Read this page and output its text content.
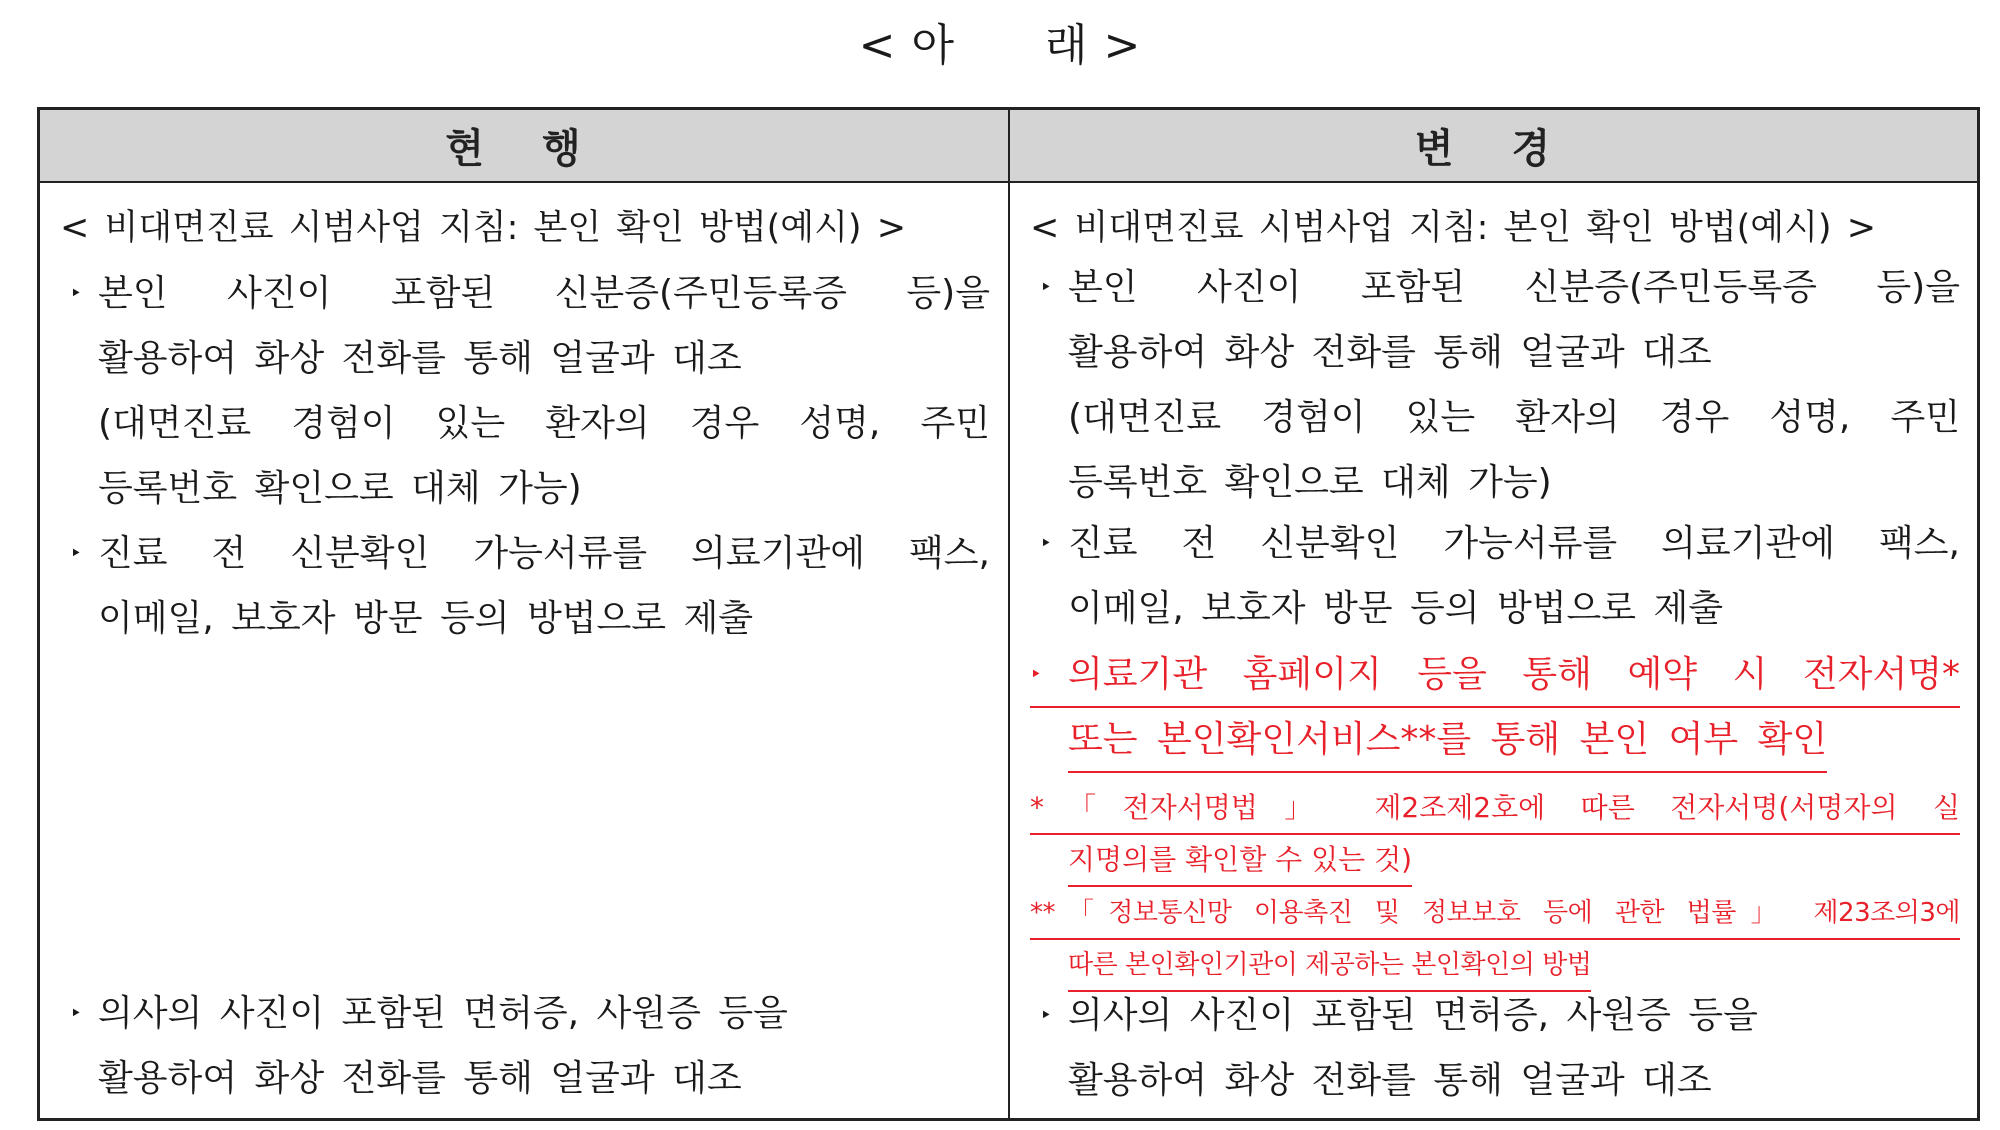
< 아      래 >
현 행	변 경
< 비대면진료 시범사업 지침: 본인 확인 방법(예시) >
‣ 본인 사진이 포함된 신분증(주민등록증 등)을
활용하여 화상 전화를 통해 얼굴과 대조
(대면진료 경험이 있는 환자의 경우 성명, 주민
등록번호 확인으로 대체 가능)
‣ 진료 전 신분확인 가능서류를 의료기관에 팩스,
이메일, 보호자 방문 등의 방법으로 제출
‣ 의사의 사진이 포함된 면허증, 사원증 등을
활용하여 화상 전화를 통해 얼굴과 대조
< 비대면진료 시범사업 지침: 본인 확인 방법(예시) >
‣ 본인 사진이 포함된 신분증(주민등록증 등)을
활용하여 화상 전화를 통해 얼굴과 대조
(대면진료 경험이 있는 환자의 경우 성명, 주민
등록번호 확인으로 대체 가능)
‣ 진료 전 신분확인 가능서류를 의료기관에 팩스,
이메일, 보호자 방문 등의 방법으로 제출
‣ 의료기관 홈페이지 등을 통해 예약 시 전자서명*
또는 본인확인서비스**를 통해 본인 여부 확인
* 「전자서명법」 제2조제2호에 따른 전자서명(서명자의 실
지명의를 확인할 수 있는 것)
** 「정보통신망 이용촉진 및 정보보호 등에 관한 법률」 제23조의3에
따른 본인확인기관이 제공하는 본인확인의 방법
‣ 의사의 사진이 포함된 면허증, 사원증 등을
활용하여 화상 전화를 통해 얼굴과 대조
